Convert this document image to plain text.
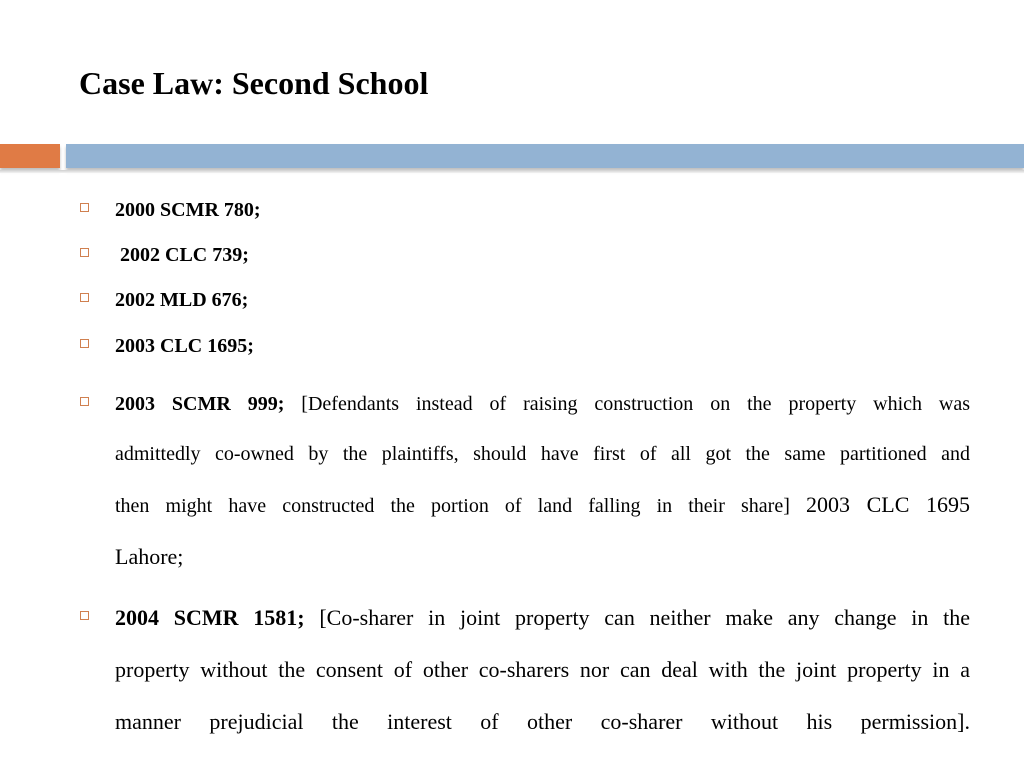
Case Law: Second School
2000 SCMR 780;
2002 CLC 739;
2002 MLD 676;
2003 CLC 1695;
2003 SCMR 999; [Defendants instead of raising construction on the property which was
admittedly co-owned by the plaintiffs, should have first of all got the same partitioned and
then might have constructed the portion of land falling in their share] 2003 CLC 1695
Lahore;
2004 SCMR 1581; [Co-sharer in joint property can neither make any change in the
property without the consent of other co-sharers nor can deal with the joint property in a
manner prejudicial the interest of other co-sharer without his permission].
